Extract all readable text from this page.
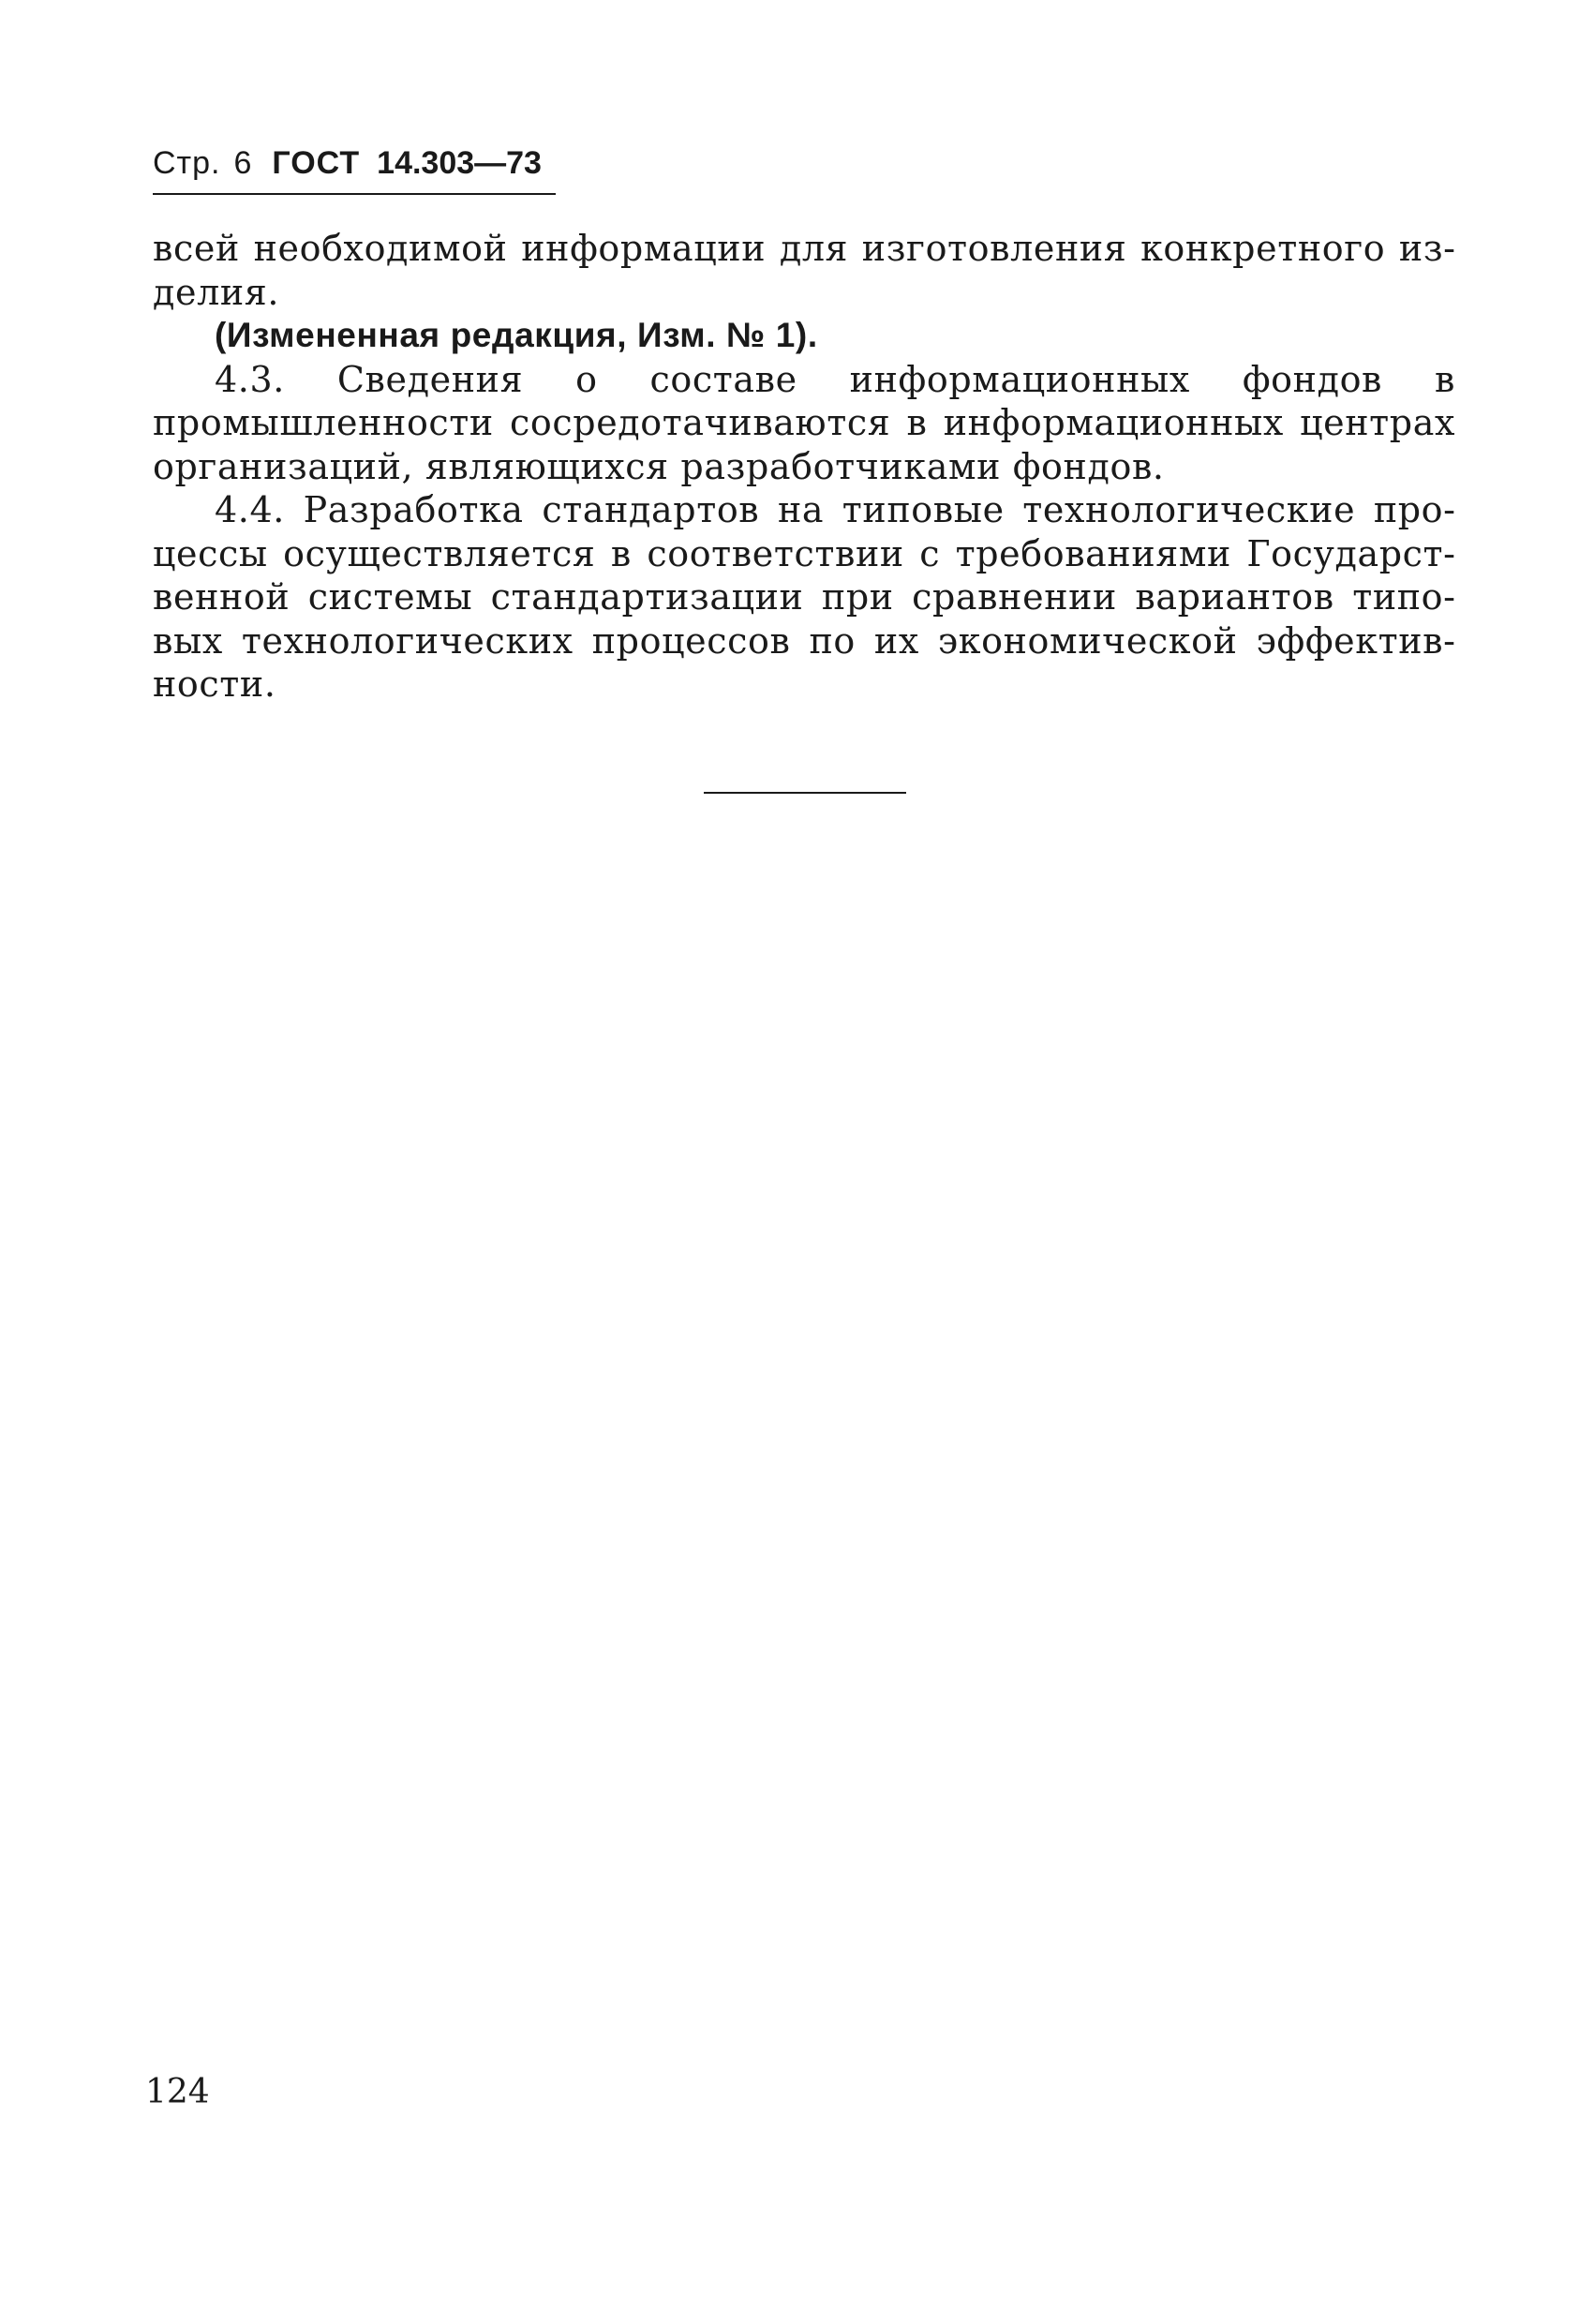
Стр. 6 ГОСТ 14.303—73

всей необходимой информации для изготовления конкретного изделия.

(Измененная редакция, Изм. № 1).

4.3. Сведения о составе информационных фондов в промышленности сосредотачиваются в информационных центрах организаций, являющихся разработчиками фондов.

4.4. Разработка стандартов на типовые технологические процессы осуществляется в соответствии с требованиями Государственной системы стандартизации при сравнении вариантов типовых технологических процессов по их экономической эффективности.

124
